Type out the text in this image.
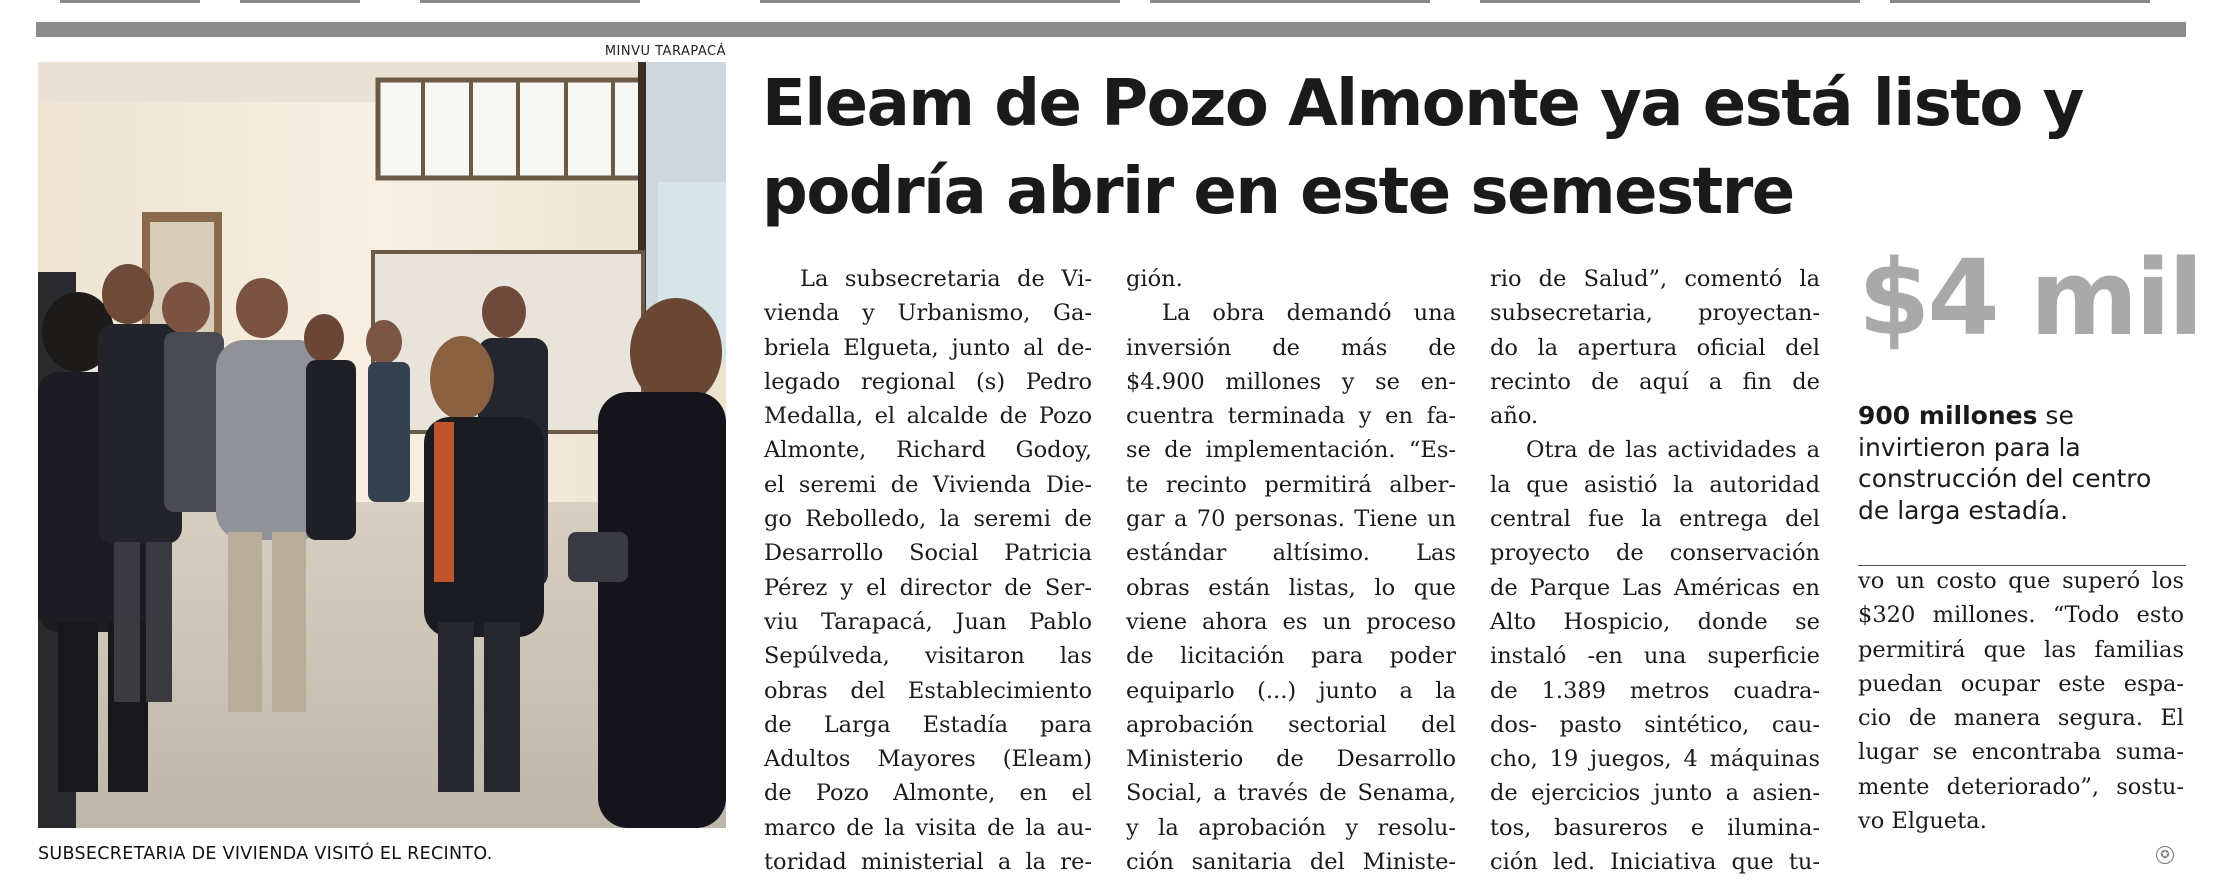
MINVU TARAPACÁ
SUBSECRETARIA DE VIVIENDA VISITÓ EL RECINTO.
Eleam de Pozo Almonte ya está listo y
podría abrir en este semestre
La subsecretaria de Vi-
vienda y Urbanismo, Ga-
briela Elgueta, junto al de-
legado regional (s) Pedro
Medalla, el alcalde de Pozo
Almonte, Richard Godoy,
el seremi de Vivienda Die-
go Rebolledo, la seremi de
Desarrollo Social Patricia
Pérez y el director de Ser-
viu Tarapacá, Juan Pablo
Sepúlveda, visitaron las
obras del Establecimiento
de Larga Estadía para
Adultos Mayores (Eleam)
de Pozo Almonte, en el
marco de la visita de la au-
toridad ministerial a la re-
gión.
La obra demandó una
inversión de más de
$4.900 millones y se en-
cuentra terminada y en fa-
se de implementación. “Es-
te recinto permitirá alber-
gar a 70 personas. Tiene un
estándar altísimo. Las
obras están listas, lo que
viene ahora es un proceso
de licitación para poder
equiparlo (...) junto a la
aprobación sectorial del
Ministerio de Desarrollo
Social, a través de Senama,
y la aprobación y resolu-
ción sanitaria del Ministe-
rio de Salud”, comentó la
subsecretaria, proyectan-
do la apertura oficial del
recinto de aquí a fin de
año.
Otra de las actividades a
la que asistió la autoridad
central fue la entrega del
proyecto de conservación
de Parque Las Américas en
Alto Hospicio, donde se
instaló -en una superficie
de 1.389 metros cuadra-
dos- pasto sintético, cau-
cho, 19 juegos, 4 máquinas
de ejercicios junto a asien-
tos, basureros e ilumina-
ción led. Iniciativa que tu-
$4 mil
900 millones se invirtieron para la construcción del centro de larga estadía.
vo un costo que superó los
$320 millones. “Todo esto
permitirá que las familias
puedan ocupar este espa-
cio de manera segura. El
lugar se encontraba suma-
mente deteriorado”, sostu-
vo Elgueta.
✪
